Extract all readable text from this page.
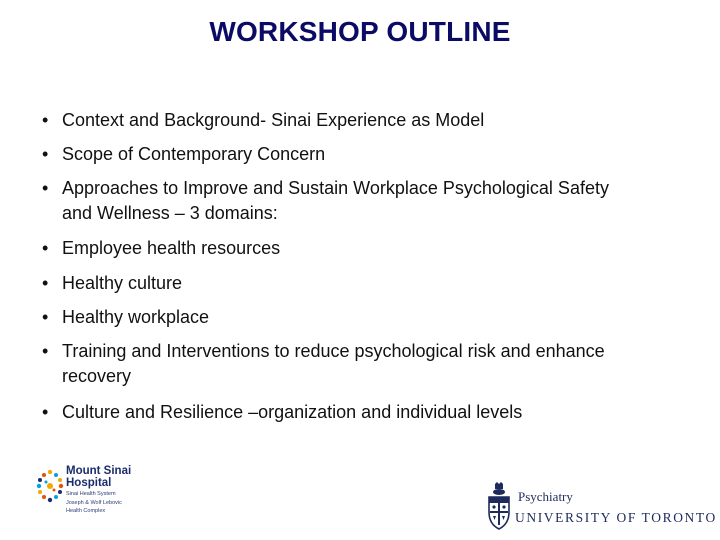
WORKSHOP OUTLINE
• Context and Background- Sinai Experience as Model
• Scope of Contemporary Concern
• Approaches to Improve and Sustain Workplace Psychological Safety
and Wellness – 3 domains:
• Employee health resources
• Healthy culture
• Healthy workplace
• Training and Interventions to reduce psychological risk and enhance
recovery
• Culture and Resilience –organization and individual levels
Mount Sinai
Hospital
Sinai Health System
Joseph & Wolf Lebovic
Health Complex
Psychiatry
UNIVERSITY OF TORONTO
